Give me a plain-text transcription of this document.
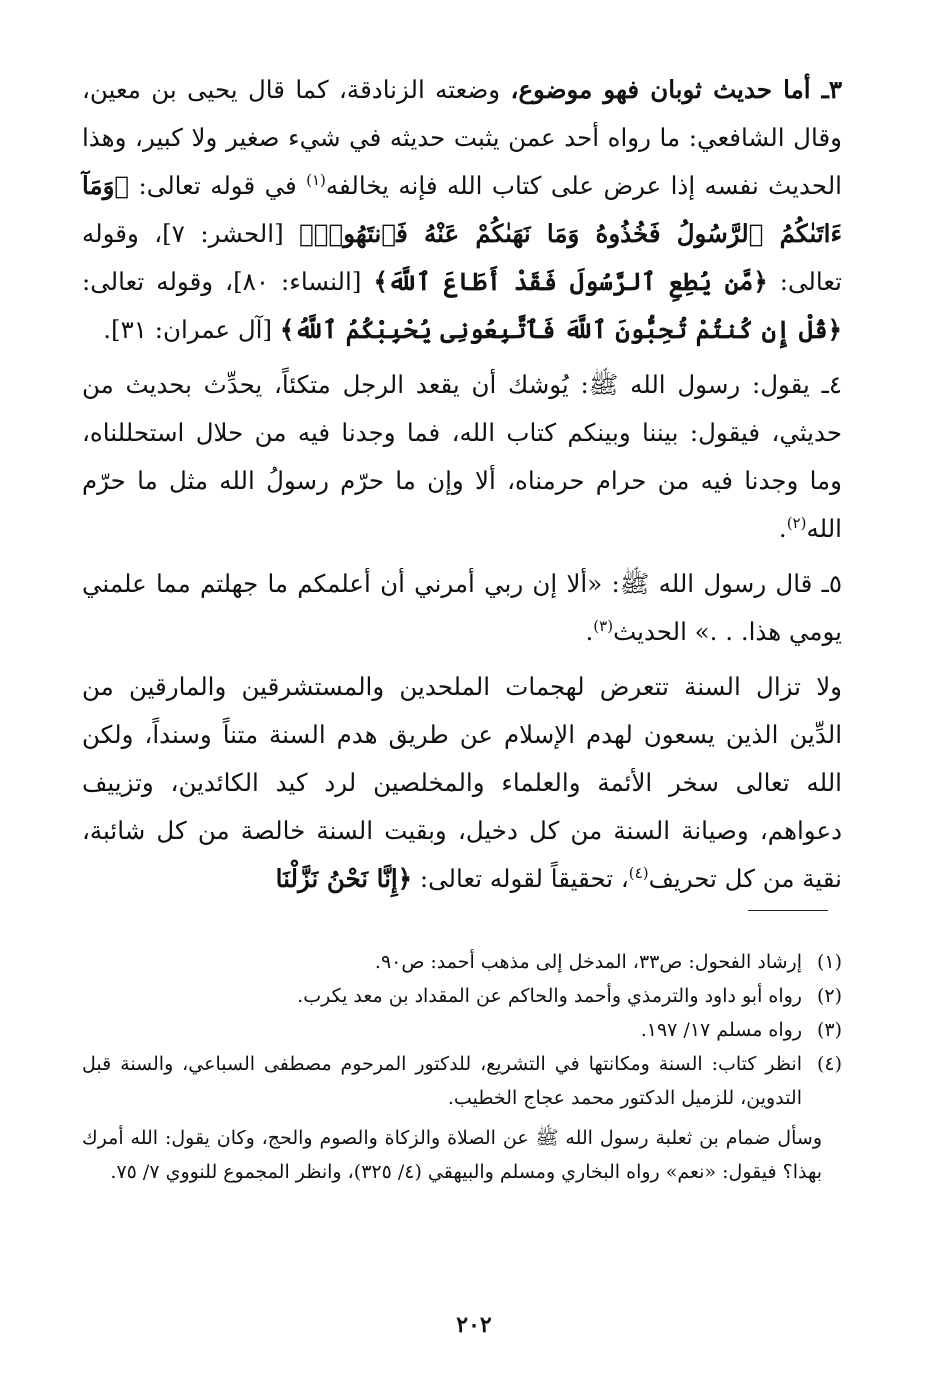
٣ـ أما حديث ثوبان فهو موضوع، وضعته الزنادقة، كما قال يحيى بن معين، وقال الشافعي: ما رواه أحد عمن يثبت حديثه في شيء صغير ولا كبير، وهذا الحديث نفسه إذا عرض على كتاب الله فإنه يخالفه$^{(١)}$ في قوله تعالى: ﴿وَمَآ ءَاتَىٰكُمُ ٱلرَّسُولُ فَخُذُوهُ وَمَا نَهَىٰكُمْ عَنْهُ فَٱنتَهُوا۟﴾ [الحشر: ٧]، وقوله تعالى: ﴿مَّن يُطِعِ ٱلرَّسُولَ فَقَدْ أَطَاعَ ٱللَّهَ﴾ [النساء: ٨٠]، وقوله تعالى: ﴿قُلْ إِن كُنتُمْ تُحِبُّونَ ٱللَّهَ فَٱتَّبِعُونِى يُحْبِبْكُمُ ٱللَّهُ﴾ [آل عمران: ٣١].

٤ـ يقول: رسول الله ﷺ: يُوشك أن يقعد الرجل متكئاً، يحدِّث بحديث من حديثي، فيقول: بيننا وبينكم كتاب الله، فما وجدنا فيه من حلال استحللناه، وما وجدنا فيه من حرام حرمناه، ألا وإن ما حرّم رسولُ الله مثل ما حرّم الله$^{(٢)}$.

٥ـ قال رسول الله ﷺ: «ألا إن ربي أمرني أن أعلمكم ما جهلتم مما علمني يومي هذا. . .» الحديث$^{(٣)}$.

ولا تزال السنة تتعرض لهجمات الملحدين والمستشرقين والمارقين من الدِّين الذين يسعون لهدم الإسلام عن طريق هدم السنة متناً وسنداً، ولكن الله تعالى سخر الأئمة والعلماء والمخلصين لرد كيد الكائدين، وتزييف دعواهم، وصيانة السنة من كل دخيل، وبقيت السنة خالصة من كل شائبة، نقية من كل تحريف$^{(٤)}$، تحقيقاً لقوله تعالى: ﴿إِنَّا نَحْنُ نَزَّلْنَا

(١)
إرشاد الفحول: ص٣٣، المدخل إلى مذهب أحمد: ص٩٠.
(٢)
رواه أبو داود والترمذي وأحمد والحاكم عن المقداد بن معد يكرب.
(٣)
رواه مسلم ١٧/ ١٩٧.
(٤)
انظر كتاب: السنة ومكانتها في التشريع، للدكتور المرحوم مصطفى السباعي، والسنة قبل التدوين، للزميل الدكتور محمد عجاج الخطيب.
وسأل ضمام بن ثعلبة رسول الله ﷺ عن الصلاة والزكاة والصوم والحج، وكان يقول: الله أمرك بهذا؟ فيقول: «نعم» رواه البخاري ومسلم والبيهقي (٤/ ٣٢٥)، وانظر المجموع للنووي ٧/ ٧٥.
٢٠٢
